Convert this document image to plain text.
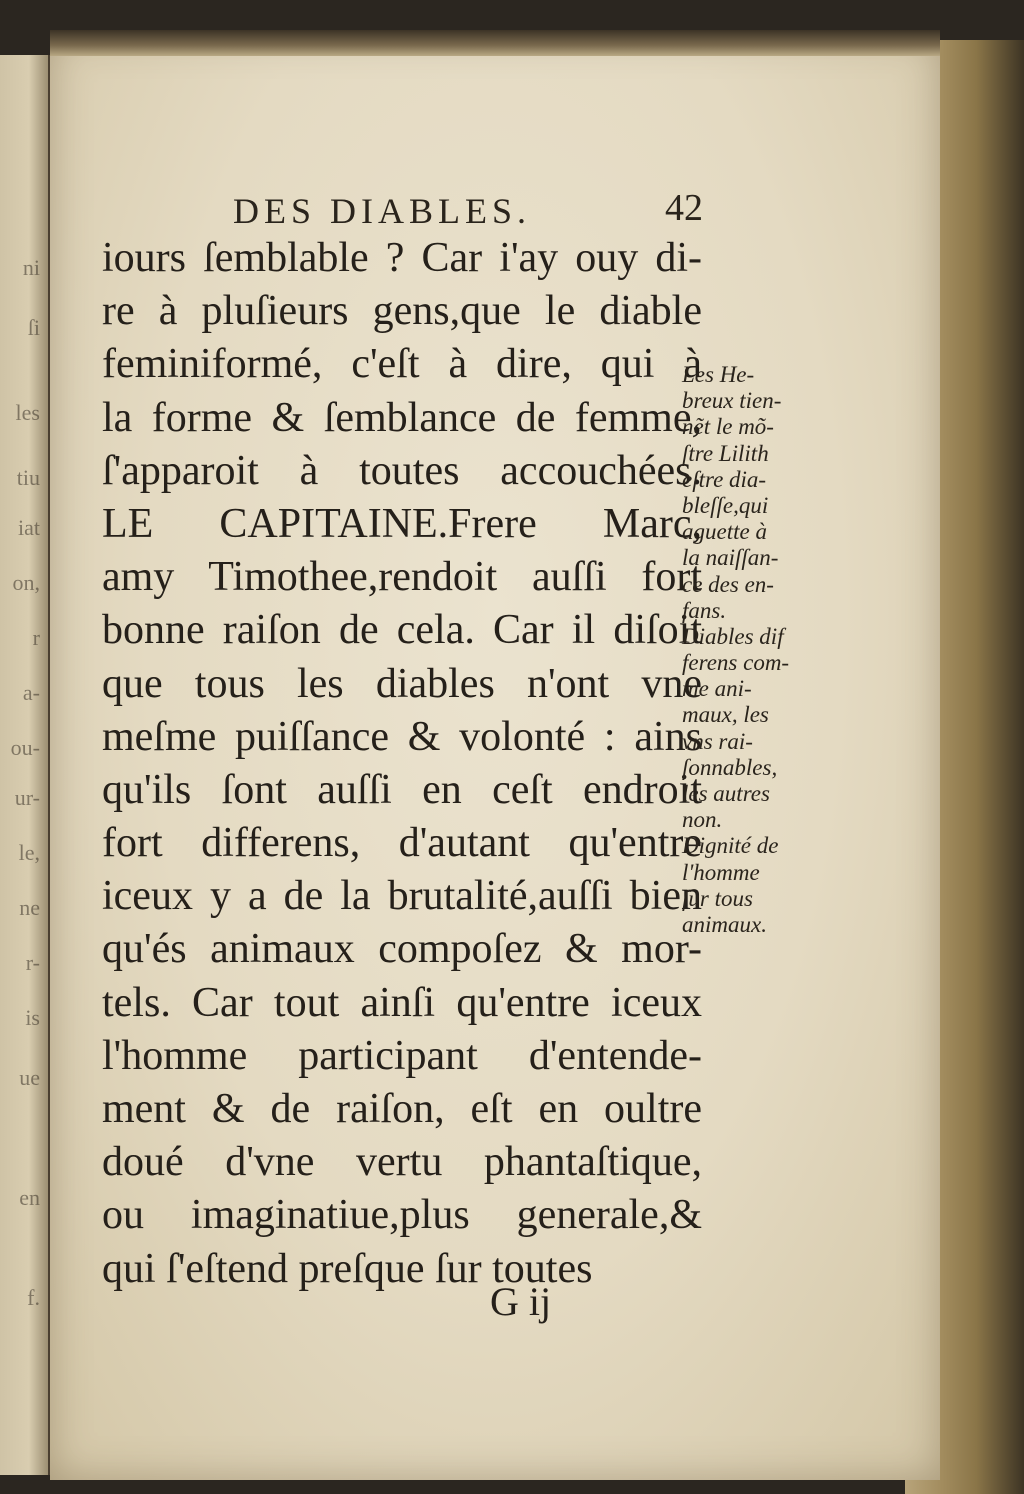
ni
ſi
les
tiu
iat
on,
r
a-
ou-
ur-
le,
ne
r-
is
ue
en
f.
DES DIABLES.	42
iours ſemblable ? Car i'ay ouy di-
re à pluſieurs gens,que le diable
feminiformé, c'eſt à dire, qui à
la forme & ſemblance de femme,
ſ'apparoit à toutes accouchées.
LE CAPITAINE.Frere Marc,
amy Timothee,rendoit auſſi fort
bonne raiſon de cela. Car il diſoit
que tous les diables n'ont vne
meſme puiſſance & volonté : ains
qu'ils ſont auſſi en ceſt endroit
fort differens, d'autant qu'entre
iceux y a de la brutalité,auſſi bien
qu'és animaux compoſez & mor-
tels. Car tout ainſi qu'entre iceux
l'homme participant d'entende-
ment & de raiſon, eſt en oultre
doué d'vne vertu phantaſtique,
ou imaginatiue,plus generale,&
qui ſ'eſtend preſque ſur toutes
Les He-
breux tien-
nẽt le mõ-
ſtre Lilith
eſtre dia-
bleſſe,qui
aguette à
la naiſſan-
ce des en-
fans.
Diables dif
ferens com-
me ani-
maux, les
vns rai-
ſonnables,
les autres
non.
Dignité de
l'homme
ſur tous
animaux.
G ij
